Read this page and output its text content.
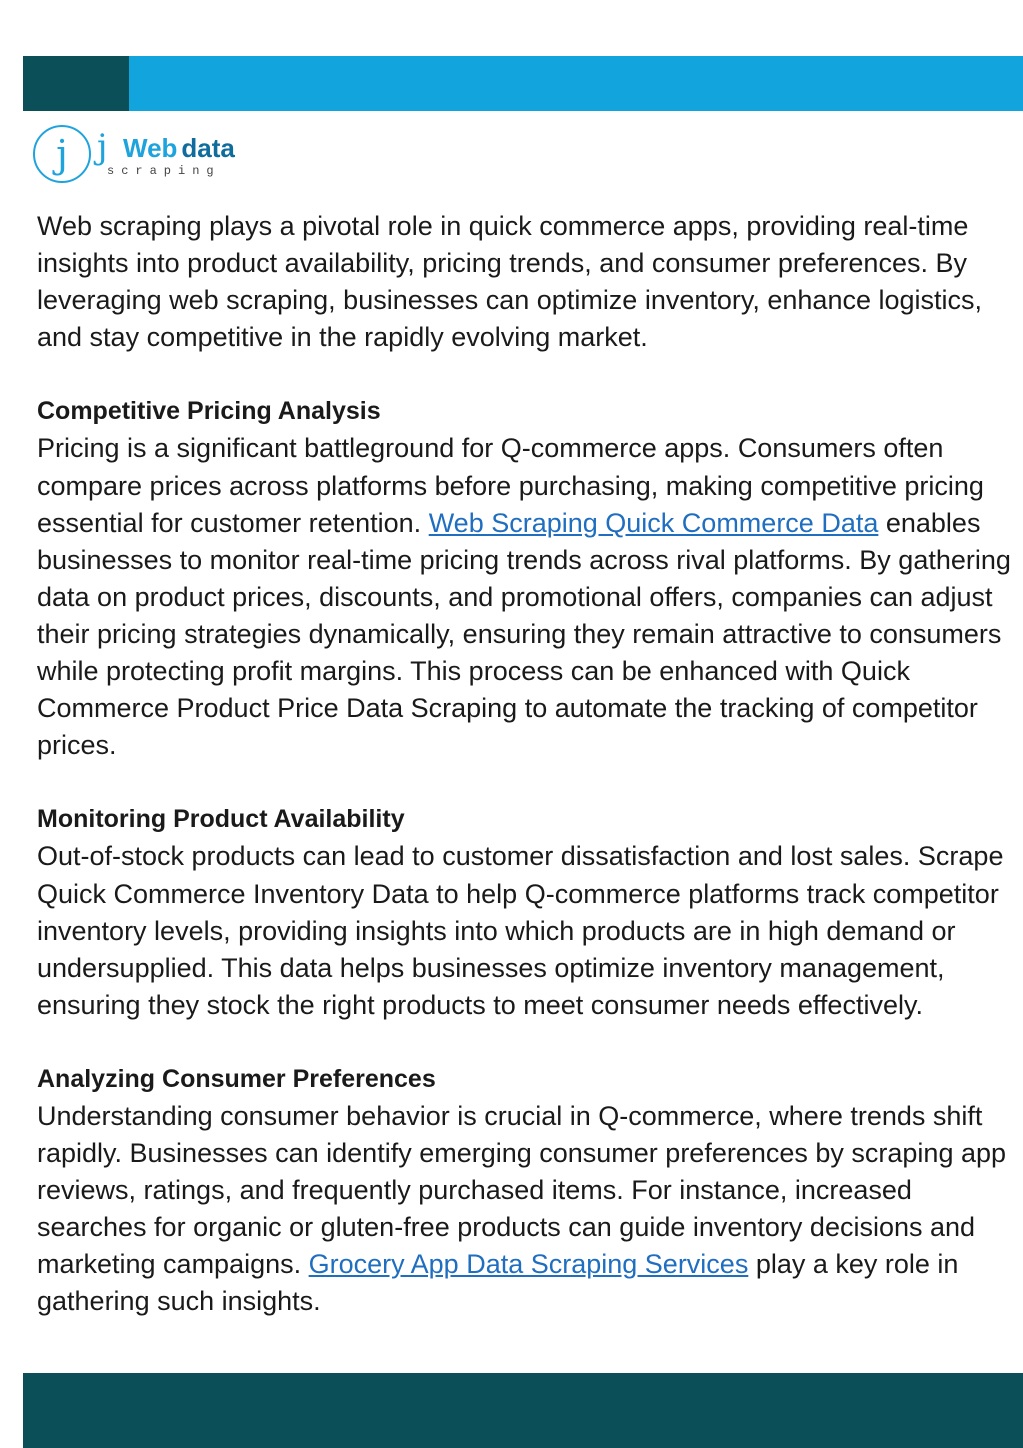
j j Web data
scraping

Web scraping plays a pivotal role in quick commerce apps, providing real-time insights into product availability, pricing trends, and consumer preferences. By leveraging web scraping, businesses can optimize inventory, enhance logistics, and stay competitive in the rapidly evolving market.

Competitive Pricing Analysis

Pricing is a significant battleground for Q-commerce apps. Consumers often compare prices across platforms before purchasing, making competitive pricing essential for customer retention. Web Scraping Quick Commerce Data enables businesses to monitor real-time pricing trends across rival platforms. By gathering data on product prices, discounts, and promotional offers, companies can adjust their pricing strategies dynamically, ensuring they remain attractive to consumers while protecting profit margins. This process can be enhanced with Quick Commerce Product Price Data Scraping to automate the tracking of competitor prices.

Monitoring Product Availability

Out-of-stock products can lead to customer dissatisfaction and lost sales. Scrape Quick Commerce Inventory Data to help Q-commerce platforms track competitor inventory levels, providing insights into which products are in high demand or undersupplied. This data helps businesses optimize inventory management, ensuring they stock the right products to meet consumer needs effectively.

Analyzing Consumer Preferences

Understanding consumer behavior is crucial in Q-commerce, where trends shift rapidly. Businesses can identify emerging consumer preferences by scraping app reviews, ratings, and frequently purchased items. For instance, increased searches for organic or gluten-free products can guide inventory decisions and marketing campaigns. Grocery App Data Scraping Services play a key role in gathering such insights.
